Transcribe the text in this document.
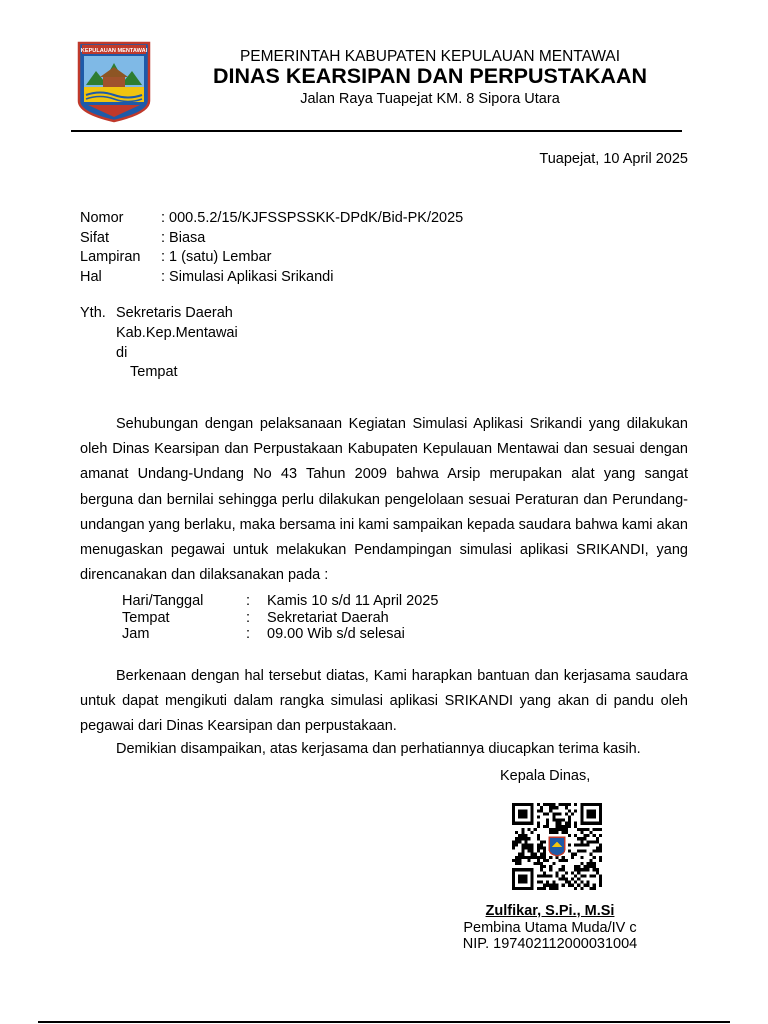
KEPULAUAN MENTAWAI	PEMERINTAH KABUPATEN KEPULAUAN MENTAWAI
DINAS KEARSIPAN DAN PERPUSTAKAAN
Jalan Raya Tuapejat KM. 8 Sipora Utara
Tuapejat, 10 April 2025
Nomor	: 000.5.2/15/KJFSSPSSKK-DPdK/Bid-PK/2025
Sifat	: Biasa
Lampiran : 1 (satu) Lembar
Hal	: Simulasi Aplikasi Srikandi
Yth. Sekretaris Daerah
Kab.Kep.Mentawai
di
Tempat

Sehubungan dengan pelaksanaan Kegiatan Simulasi Aplikasi Srikandi yang dilakukan oleh Dinas Kearsipan dan Perpustakaan Kabupaten Kepulauan Mentawai dan sesuai dengan amanat Undang-Undang No 43 Tahun 2009 bahwa Arsip merupakan alat yang sangat berguna dan bernilai sehingga perlu dilakukan pengelolaan sesuai Peraturan dan Perundang-undangan yang berlaku, maka bersama ini kami sampaikan kepada saudara bahwa kami akan menugaskan pegawai untuk melakukan Pendampingan simulasi aplikasi SRIKANDI, yang direncanakan dan dilaksanakan pada :

Hari/Tanggal	: Kamis 10 s/d 11 April 2025
Tempat	: Sekretariat Daerah
Jam	: 09.00 Wib s/d selesai

Berkenaan dengan hal tersebut diatas, Kami harapkan bantuan dan kerjasama saudara untuk dapat mengikuti dalam rangka simulasi aplikasi SRIKANDI yang akan di pandu oleh pegawai dari Dinas Kearsipan dan perpustakaan.

Demikian disampaikan, atas kerjasama dan perhatiannya diucapkan terima kasih.
Kepala Dinas,
Zulfikar, S.Pi., M.Si
Pembina Utama Muda/IV c
NIP. 197402112000031004
